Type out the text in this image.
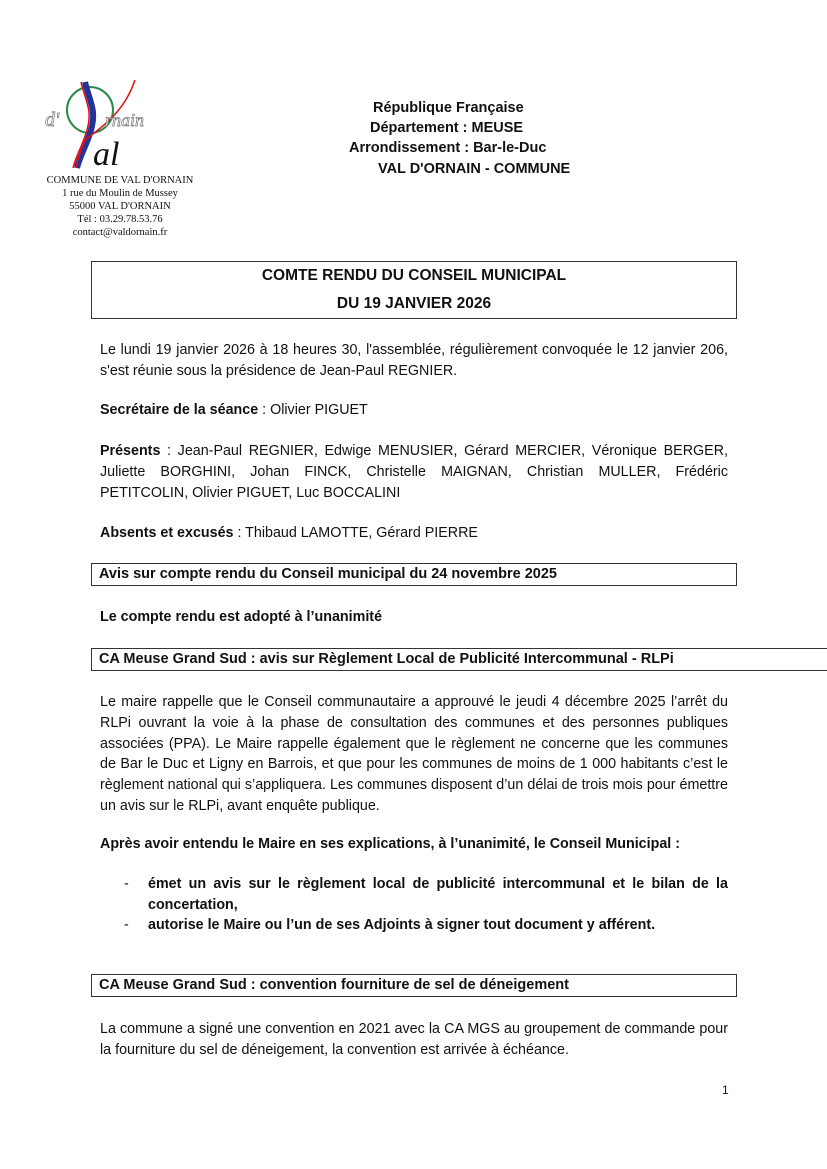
d'	rnain
al
COMMUNE DE VAL D'ORNAIN
1 rue du Moulin de Mussey
55000 VAL D'ORNAIN
Tél : 03.29.78.53.76
contact@valdornain.fr
République Française
Département : MEUSE
Arrondissement : Bar-le-Duc
VAL D'ORNAIN - COMMUNE
COMTE RENDU DU CONSEIL MUNICIPAL
DU 19 JANVIER 2026
Le lundi 19 janvier 2026 à 18 heures 30, l'assemblée, régulièrement convoquée le 12 janvier 206, s'est réunie sous la présidence de Jean-Paul REGNIER.
Secrétaire de la séance : Olivier PIGUET
Présents : Jean-Paul REGNIER, Edwige MENUSIER, Gérard MERCIER, Véronique BERGER, Juliette BORGHINI, Johan FINCK, Christelle MAIGNAN, Christian MULLER, Frédéric PETITCOLIN, Olivier PIGUET, Luc BOCCALINI
Absents et excusés : Thibaud LAMOTTE, Gérard PIERRE
Avis sur compte rendu du Conseil municipal du 24 novembre 2025
Le compte rendu est adopté à l’unanimité
CA Meuse Grand Sud : avis sur Règlement Local de Publicité Intercommunal - RLPi
Le maire rappelle que le Conseil communautaire a approuvé le jeudi 4 décembre 2025 l’arrêt du RLPi ouvrant la voie à la phase de consultation des communes et des personnes publiques associées (PPA). Le Maire rappelle également que le règlement ne concerne que les communes de Bar le Duc et Ligny en Barrois, et que pour les communes de moins de 1 000 habitants c’est le règlement national qui s’appliquera. Les communes disposent d’un délai de trois mois pour émettre un avis sur le RLPi, avant enquête publique.
Après avoir entendu le Maire en ses explications, à l’unanimité, le Conseil Municipal :
- émet un avis sur le règlement local de publicité intercommunal et le bilan de la concertation,
- autorise le Maire ou l’un de ses Adjoints à signer tout document y afférent.
CA Meuse Grand Sud : convention fourniture de sel de déneigement
La commune a signé une convention en 2021 avec la CA MGS au groupement de commande pour la fourniture du sel de déneigement, la convention est arrivée à échéance.
1
